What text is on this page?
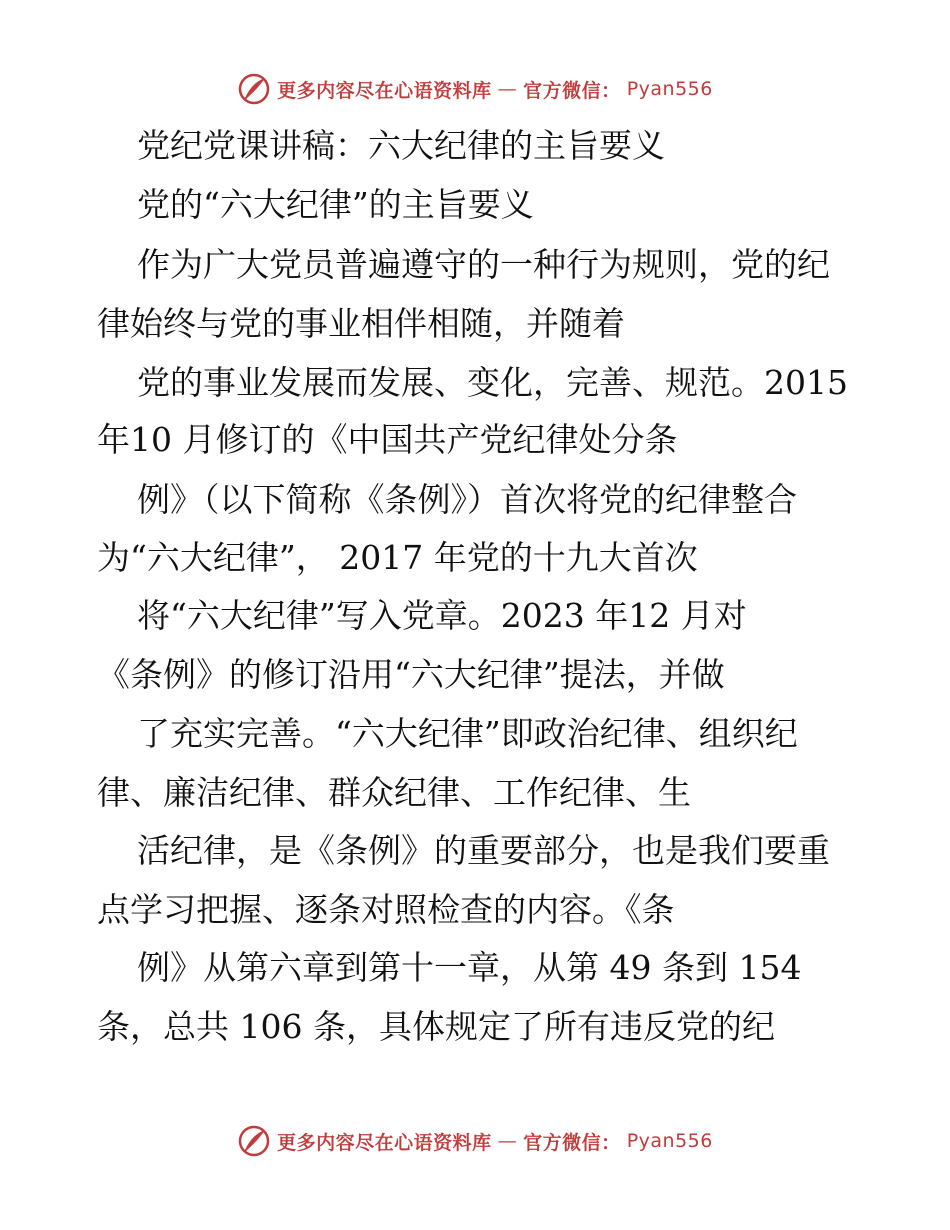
更多内容尽在心语资料库 — 官方微信： Pyan556
党纪党课讲稿：六大纪律的主旨要义
党的“六大纪律”的主旨要义
作为广大党员普遍遵守的一种行为规则，党的纪
律始终与党的事业相伴相随，并随着
党的事业发展而发展、变化，完善、规范。2015
年10 月修订的《中国共产党纪律处分条
例》（以下简称《条例》）首次将党的纪律整合
为“六大纪律”， 2017 年党的十九大首次
将“六大纪律”写入党章。2023 年12 月对
《条例》的修订沿用“六大纪律”提法，并做
了充实完善。“六大纪律”即政治纪律、组织纪
律、廉洁纪律、群众纪律、工作纪律、生
活纪律，是《条例》的重要部分，也是我们要重
点学习把握、逐条对照检查的内容。《条
例》从第六章到第十一章，从第 49 条到 154
条，总共 106 条，具体规定了所有违反党的纪
更多内容尽在心语资料库 — 官方微信： Pyan556
